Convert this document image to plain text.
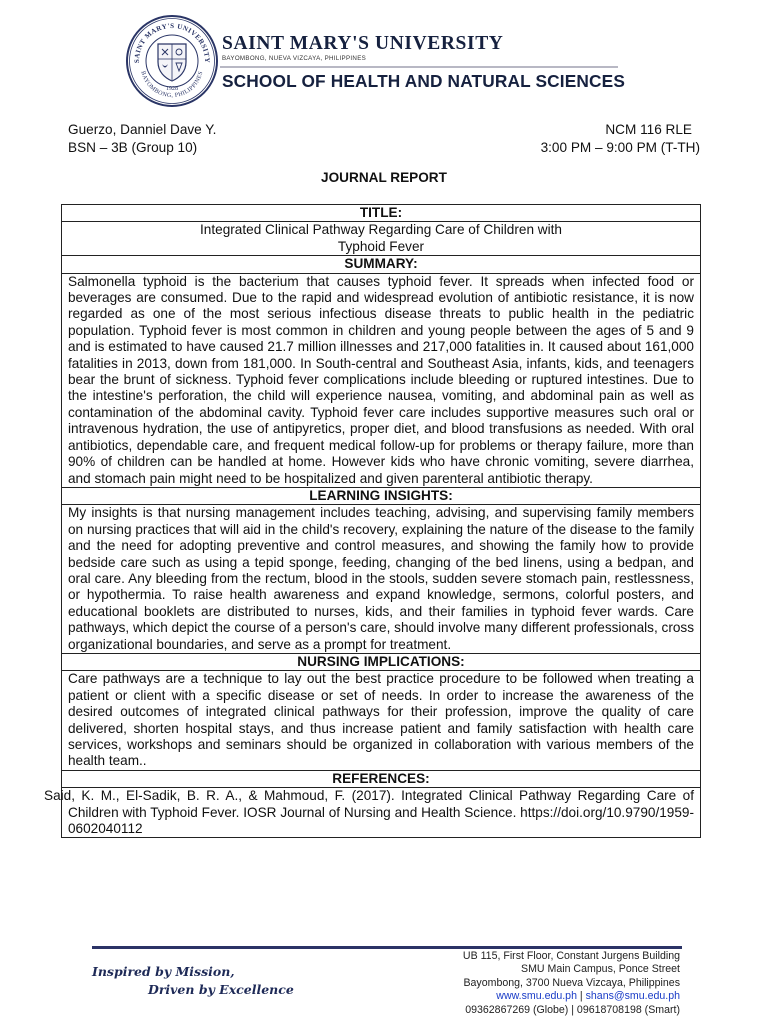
SAINT MARY'S UNIVERSITY
BAYOMBONG, PHILIPPINES
1928
SAINT MARY'S UNIVERSITY
BAYOMBONG, NUEVA VIZCAYA, PHILIPPINES
SCHOOL OF HEALTH AND NATURAL SCIENCES
Guerzo, Danniel Dave Y.
BSN – 3B (Group 10)
NCM 116 RLE
3:00 PM – 9:00 PM (T-TH)
JOURNAL REPORT
TITLE:
Integrated Clinical Pathway Regarding Care of Children with
Typhoid Fever
SUMMARY:
Salmonella typhoid is the bacterium that causes typhoid fever. It spreads when infected food or beverages are consumed. Due to the rapid and widespread evolution of antibiotic resistance, it is now regarded as one of the most serious infectious disease threats to public health in the pediatric population. Typhoid fever is most common in children and young people between the ages of 5 and 9 and is estimated to have caused 21.7 million illnesses and 217,000 fatalities in. It caused about 161,000 fatalities in 2013, down from 181,000. In South-central and Southeast Asia, infants, kids, and teenagers bear the brunt of sickness. Typhoid fever complications include bleeding or ruptured intestines. Due to the intestine's perforation, the child will experience nausea, vomiting, and abdominal pain as well as contamination of the abdominal cavity. Typhoid fever care includes supportive measures such oral or intravenous hydration, the use of antipyretics, proper diet, and blood transfusions as needed. With oral antibiotics, dependable care, and frequent medical follow-up for problems or therapy failure, more than 90% of children can be handled at home. However kids who have chronic vomiting, severe diarrhea, and stomach pain might need to be hospitalized and given parenteral antibiotic therapy.
LEARNING INSIGHTS:
My insights is that nursing management includes teaching, advising, and supervising family members on nursing practices that will aid in the child's recovery, explaining the nature of the disease to the family and the need for adopting preventive and control measures, and showing the family how to provide bedside care such as using a tepid sponge, feeding, changing of the bed linens, using a bedpan, and oral care. Any bleeding from the rectum, blood in the stools, sudden severe stomach pain, restlessness, or hypothermia. To raise health awareness and expand knowledge, sermons, colorful posters, and educational booklets are distributed to nurses, kids, and their families in typhoid fever wards. Care pathways, which depict the course of a person's care, should involve many different professionals, cross organizational boundaries, and serve as a prompt for treatment.
NURSING IMPLICATIONS:
Care pathways are a technique to lay out the best practice procedure to be followed when treating a patient or client with a specific disease or set of needs. In order to increase the awareness of the desired outcomes of integrated clinical pathways for their profession, improve the quality of care delivered, shorten hospital stays, and thus increase patient and family satisfaction with health care services, workshops and seminars should be organized in collaboration with various members of the health team..
REFERENCES:
Said, K. M., El-Sadik, B. R. A., & Mahmoud, F. (2017). Integrated Clinical Pathway Regarding Care of Children with Typhoid Fever. IOSR Journal of Nursing and Health Science. https://doi.org/10.9790/1959-0602040112
Inspired by Mission,
Driven by Excellence
UB 115, First Floor, Constant Jurgens Building
SMU Main Campus, Ponce Street
Bayombong, 3700 Nueva Vizcaya, Philippines
www.smu.edu.ph | shans@smu.edu.ph
09362867269 (Globe) | 09618708198 (Smart)
